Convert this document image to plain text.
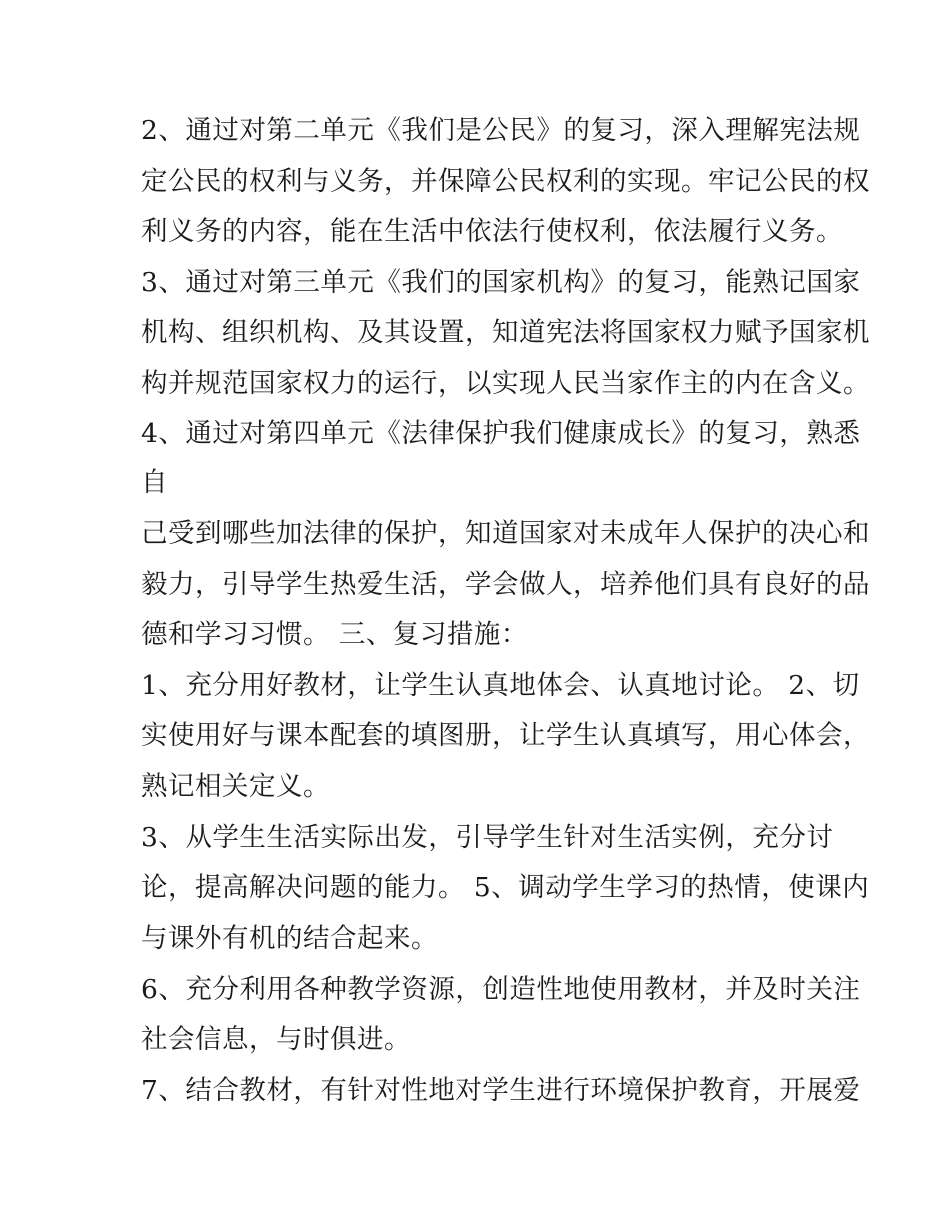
2、通过对第二单元《我们是公民》的复习，深入理解宪法规
定公民的权利与义务，并保障公民权利的实现。牢记公民的权
利义务的内容，能在生活中依法行使权利，依法履行义务。
3、通过对第三单元《我们的国家机构》的复习，能熟记国家
机构、组织机构、及其设置，知道宪法将国家权力赋予国家机
构并规范国家权力的运行，以实现人民当家作主的内在含义。
4、通过对第四单元《法律保护我们健康成长》的复习，熟悉
自
己受到哪些加法律的保护，知道国家对未成年人保护的决心和
毅力，引导学生热爱生活，学会做人，培养他们具有良好的品
德和学习习惯。 三、复习措施：
1、充分用好教材，让学生认真地体会、认真地讨论。 2、切
实使用好与课本配套的填图册，让学生认真填写，用心体会，
熟记相关定义。
3、从学生生活实际出发，引导学生针对生活实例，充分讨
论，提高解决问题的能力。 5、调动学生学习的热情，使课内
与课外有机的结合起来。
6、充分利用各种教学资源，创造性地使用教材，并及时关注
社会信息，与时俱进。
7、结合教材，有针对性地对学生进行环境保护教育，开展爱
